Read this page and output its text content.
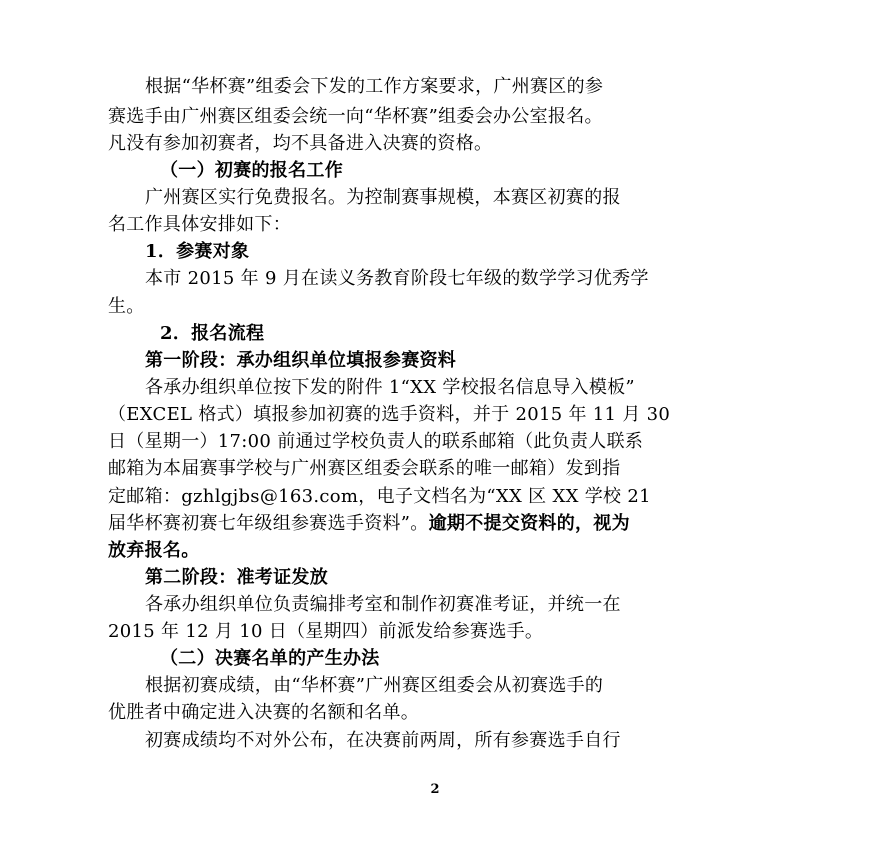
根据“华杯赛”组委会下发的工作方案要求，广州赛区的参
赛选手由广州赛区组委会统一向“华杯赛”组委会办公室报名。
凡没有参加初赛者，均不具备进入决赛的资格。
（一）初赛的报名工作
广州赛区实行免费报名。为控制赛事规模，本赛区初赛的报
名工作具体安排如下：
1．参赛对象
本市 2015 年 9 月在读义务教育阶段七年级的数学学习优秀学
生。
2．报名流程
第一阶段：承办组织单位填报参赛资料
各承办组织单位按下发的附件 1“XX 学校报名信息导入模板”
（EXCEL 格式）填报参加初赛的选手资料，并于 2015 年 11 月 30
日（星期一）17:00 前通过学校负责人的联系邮箱（此负责人联系
邮箱为本届赛事学校与广州赛区组委会联系的唯一邮箱）发到指
定邮箱：gzhlgjbs@163.com，电子文档名为“XX 区 XX 学校 21
届华杯赛初赛七年级组参赛选手资料”。逾期不提交资料的，视为
放弃报名。
第二阶段：准考证发放
各承办组织单位负责编排考室和制作初赛准考证，并统一在
2015 年 12 月 10 日（星期四）前派发给参赛选手。
（二）决赛名单的产生办法
根据初赛成绩，由“华杯赛”广州赛区组委会从初赛选手的
优胜者中确定进入决赛的名额和名单。
初赛成绩均不对外公布，在决赛前两周，所有参赛选手自行
2
